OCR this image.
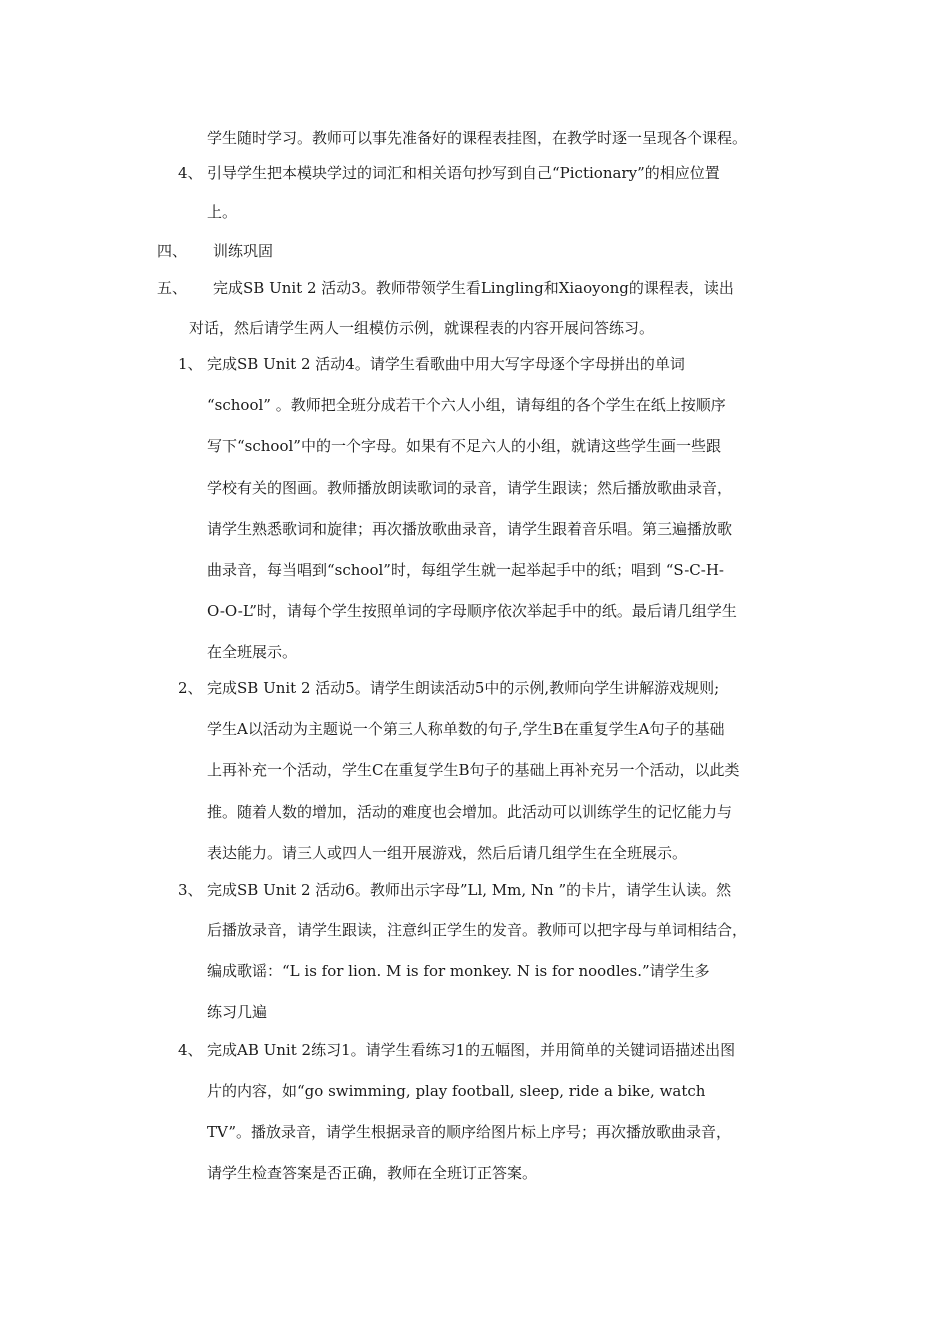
学生随时学习。教师可以事先准备好的课程表挂图，在教学时逐一呈现各个课程。
4、 引导学生把本模块学过的词汇和相关语句抄写到自己“Pictionary”的相应位置
上。
四、 训练巩固
五、 完成SB Unit 2 活动3。教师带领学生看Lingling和Xiaoyong的课程表，读出
对话，然后请学生两人一组模仿示例，就课程表的内容开展问答练习。
1、 完成SB Unit 2 活动4。请学生看歌曲中用大写字母逐个字母拼出的单词
“school” 。教师把全班分成若干个六人小组，请每组的各个学生在纸上按顺序
写下“school”中的一个字母。如果有不足六人的小组，就请这些学生画一些跟
学校有关的图画。教师播放朗读歌词的录音，请学生跟读；然后播放歌曲录音，
请学生熟悉歌词和旋律；再次播放歌曲录音，请学生跟着音乐唱。第三遍播放歌
曲录音，每当唱到“school”时，每组学生就一起举起手中的纸；唱到 “S-C-H-
O-O-L”时，请每个学生按照单词的字母顺序依次举起手中的纸。最后请几组学生
在全班展示。
2、 完成SB Unit 2 活动5。请学生朗读活动5中的示例,教师向学生讲解游戏规则;
学生A以活动为主题说一个第三人称单数的句子,学生B在重复学生A句子的基础
上再补充一个活动，学生C在重复学生B句子的基础上再补充另一个活动，以此类
推。随着人数的增加，活动的难度也会增加。此活动可以训练学生的记忆能力与
表达能力。请三人或四人一组开展游戏，然后后请几组学生在全班展示。
3、 完成SB Unit 2 活动6。教师出示字母”Ll, Mm, Nn ”的卡片，请学生认读。然
后播放录音，请学生跟读，注意纠正学生的发音。教师可以把字母与单词相结合，
编成歌谣：“L is for lion. M is for monkey. N is for noodles.”请学生多
练习几遍
4、 完成AB Unit 2练习1。请学生看练习1的五幅图，并用简单的关键词语描述出图
片的内容，如“go swimming, play football, sleep, ride a bike, watch
TV”。播放录音，请学生根据录音的顺序给图片标上序号；再次播放歌曲录音，
请学生检查答案是否正确，教师在全班订正答案。
